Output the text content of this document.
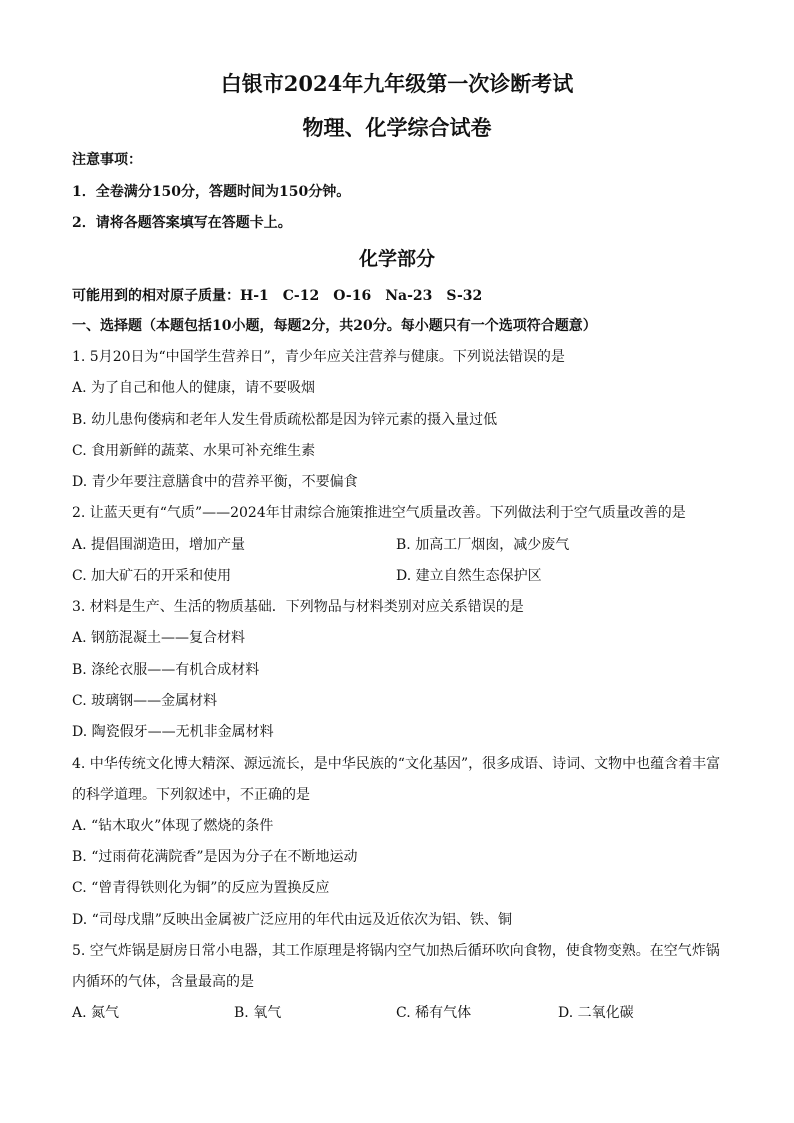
白银市2024年九年级第一次诊断考试
物理、化学综合试卷
注意事项：
1．全卷满分150分，答题时间为150分钟。
2．请将各题答案填写在答题卡上。
化学部分
可能用到的相对原子质量：H-1　C-12　O-16　Na-23　S-32
一、选择题（本题包括10小题，每题2分，共20分。每小题只有一个选项符合题意）
1. 5月20日为“中国学生营养日”，青少年应关注营养与健康。下列说法错误的是
A. 为了自己和他人的健康，请不要吸烟
B. 幼儿患佝偻病和老年人发生骨质疏松都是因为锌元素的摄入量过低
C. 食用新鲜的蔬菜、水果可补充维生素
D. 青少年要注意膳食中的营养平衡，不要偏食
2. 让蓝天更有“气质”——2024年甘肃综合施策推进空气质量改善。下列做法利于空气质量改善的是
A. 提倡围湖造田，增加产量	B. 加高工厂烟囱，减少废气
C. 加大矿石的开采和使用	D. 建立自然生态保护区
3. 材料是生产、生活的物质基础．下列物品与材料类别对应关系错误的是
A. 钢筋混凝土——复合材料
B. 涤纶衣服——有机合成材料
C. 玻璃钢——金属材料
D. 陶瓷假牙——无机非金属材料
4. 中华传统文化博大精深、源远流长，是中华民族的“文化基因”，很多成语、诗词、文物中也蕴含着丰富
的科学道理。下列叙述中，不正确的是
A. “钻木取火”体现了燃烧的条件
B. “过雨荷花满院香”是因为分子在不断地运动
C. “曾青得铁则化为铜”的反应为置换反应
D. “司母戊鼎”反映出金属被广泛应用的年代由远及近依次为铝、铁、铜
5. 空气炸锅是厨房日常小电器，其工作原理是将锅内空气加热后循环吹向食物，使食物变熟。在空气炸锅
内循环的气体，含量最高的是
A. 氮气	B. 氧气	C. 稀有气体	D. 二氧化碳
